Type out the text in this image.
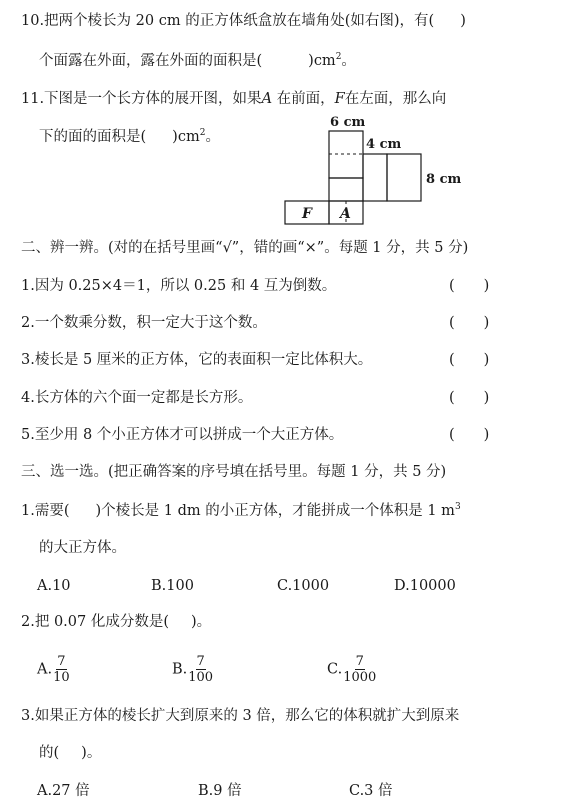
10.把两个棱长为 20 cm 的正方体纸盒放在墙角处(如右图)，有( )
个面露在外面，露在外面的面积是(	)$cm^2$。
11.下图是一个长方体的展开图，如果A 在前面，F在左面，那么向
下的面的面积是( )$cm^2$。
6 cm
4 cm
8 cm
F A
二、辨一辨。(对的在括号里画“√”，错的画“×”。每题 1 分，共 5 分)
1.因为 0.25×4＝1，所以 0.25 和 4 互为倒数。	( )
2.一个数乘分数，积一定大于这个数。	( )
3.棱长是 5 厘米的正方体，它的表面积一定比体积大。	( )
4.长方体的六个面一定都是长方形。	( )
5.至少用 8 个小正方体才可以拼成一个大正方体。	( )
三、选一选。(把正确答案的序号填在括号里。每题 1 分，共 5 分)
1.需要( )个棱长是 1 dm 的小正方体，才能拼成一个体积是 1 $m^3$
的大正方体。
A.10	B.100	C.1000	D.10000
2.把 0.07 化成分数是( )。
A. $\frac{7}{10}$	B. $\frac{7}{100}$	C. $\frac{7}{1000}$
3.如果正方体的棱长扩大到原来的 3 倍，那么它的体积就扩大到原来
的( )。
A.27 倍	B.9 倍	C.3 倍
